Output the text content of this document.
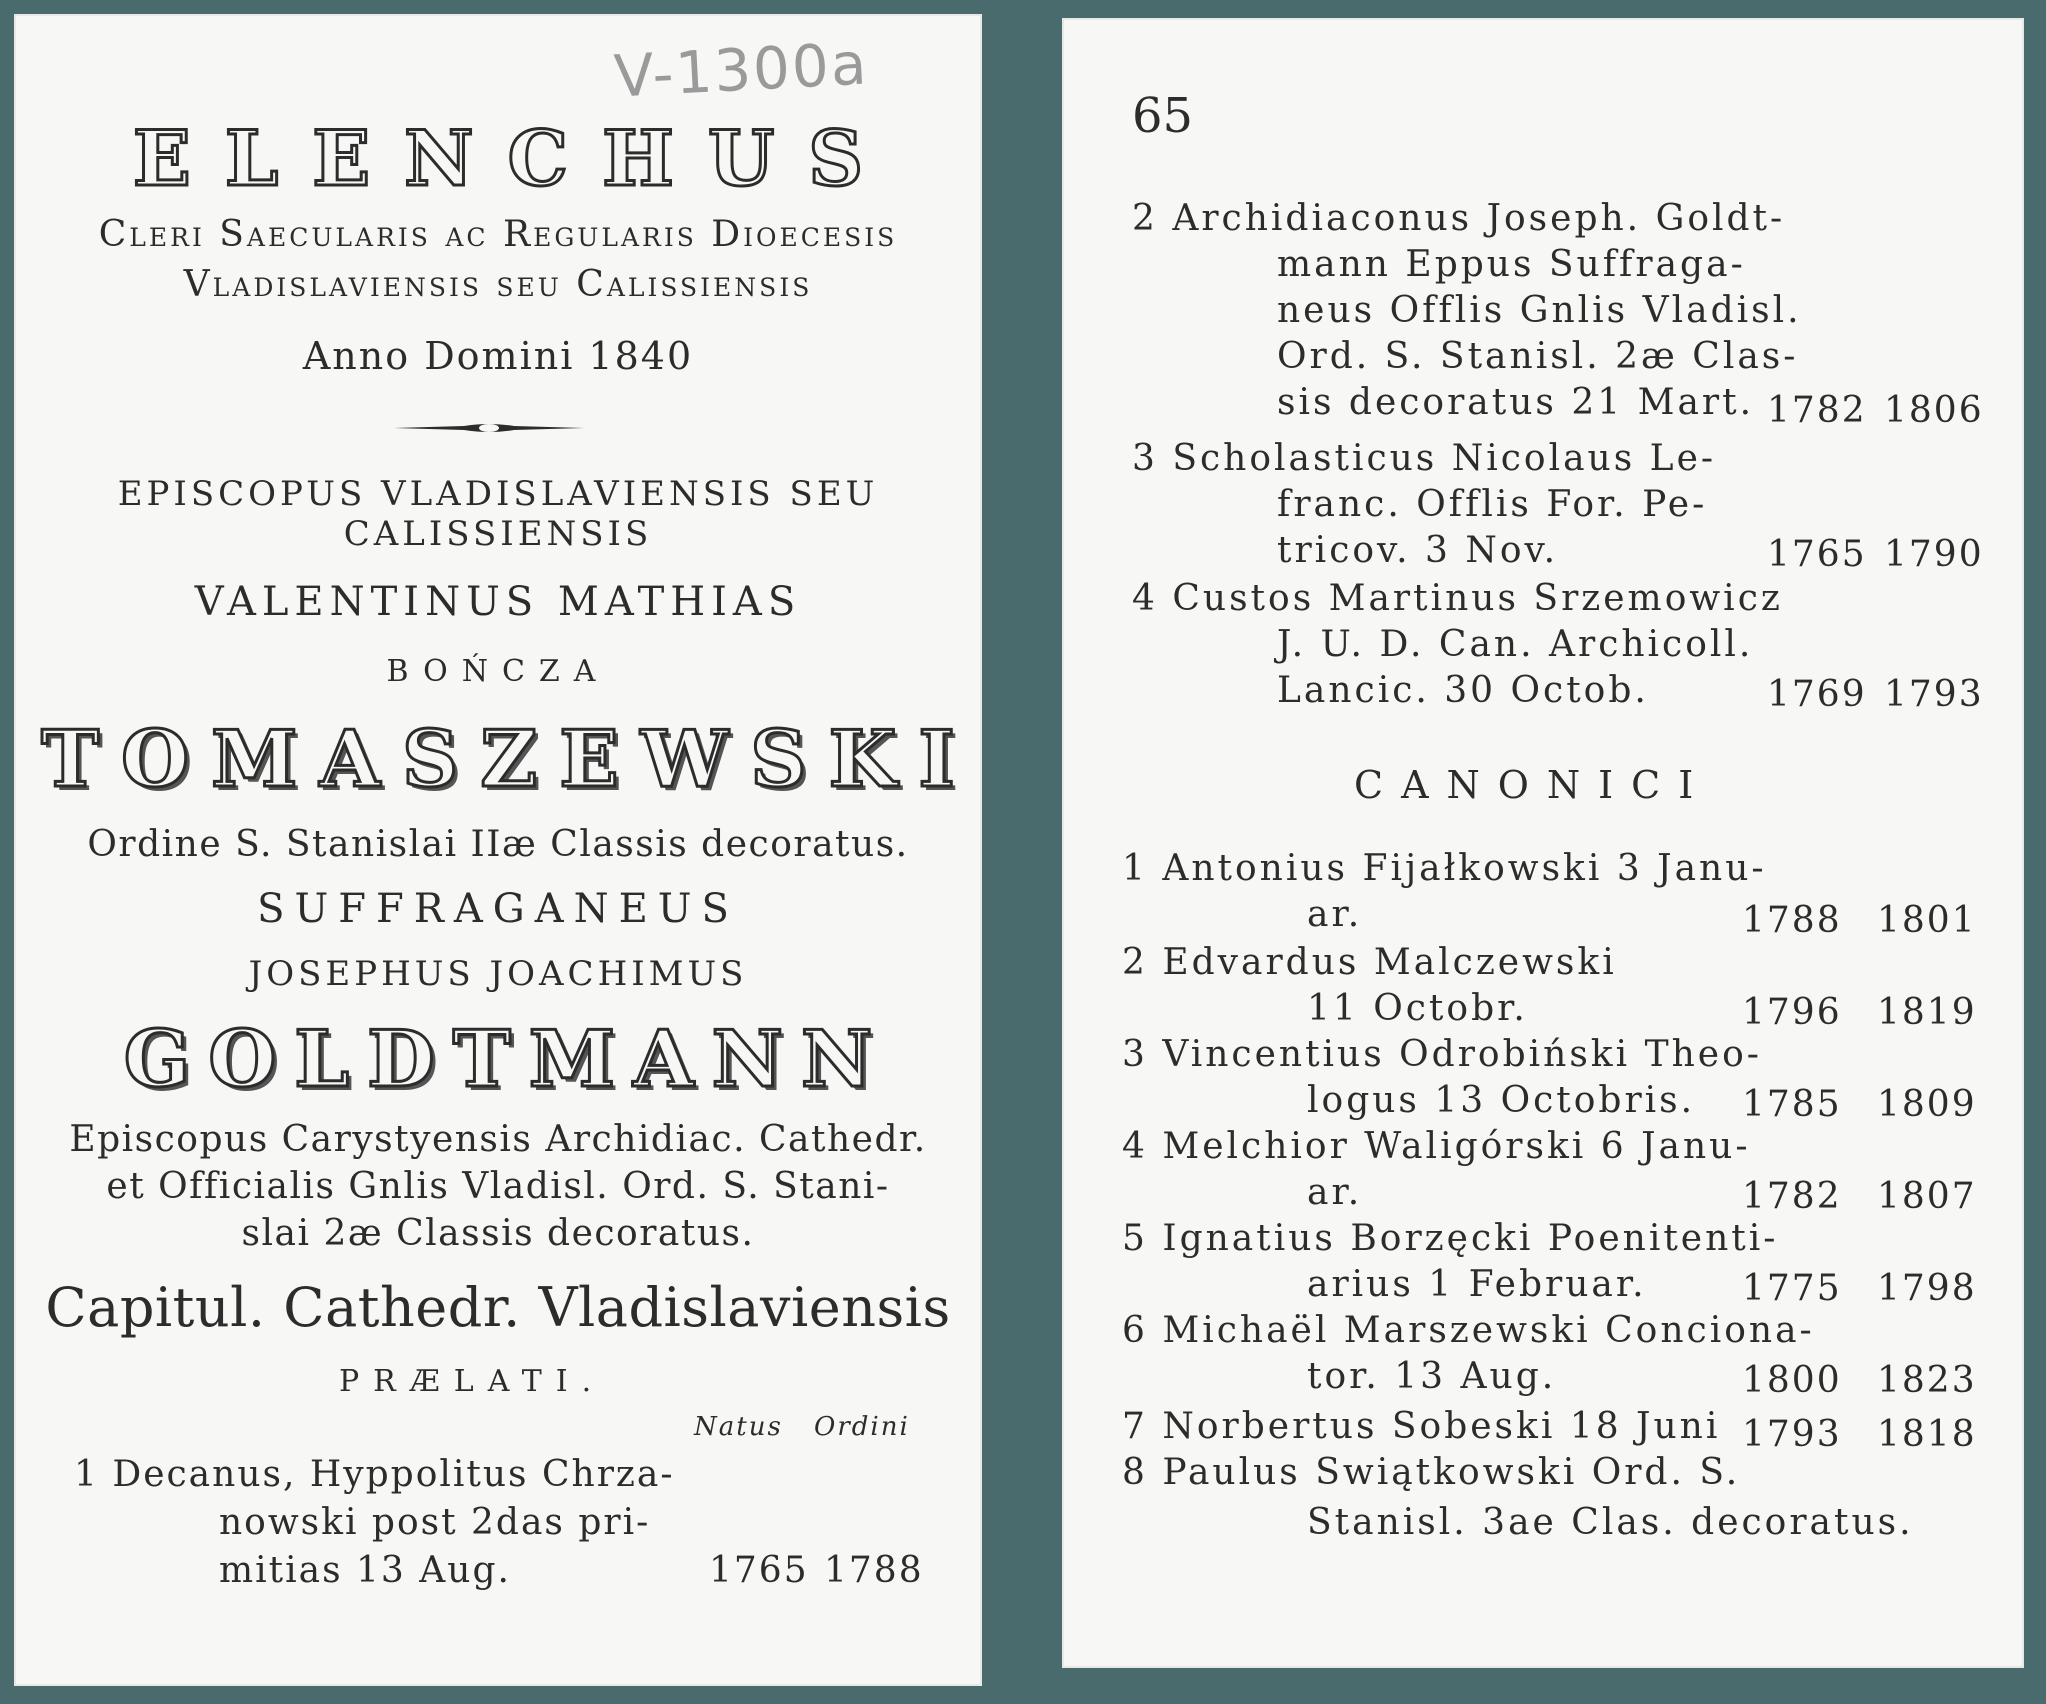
V-1300a
ELENCHUS
Cleri Saecularis ac Regularis Dioecesis
Vladislaviensis seu Calissiensis
Anno Domini 1840
EPISCOPUS VLADISLAVIENSIS SEU
CALISSIENSIS
VALENTINUS MATHIAS
BOŃCZA
TOMASZEWSKI
Ordine S. Stanislai IIæ Classis decoratus.
SUFFRAGANEUS
JOSEPHUS JOACHIMUS
GOLDTMANN
Episcopus Carystyensis Archidiac. Cathedr.
et Officialis Gnlis Vladisl. Ord. S. Stani-
slai 2æ Classis decoratus.
Capitul. Cathedr. Vladislaviensis
PRÆLATI.
Natus Ordini
1 Decanus, Hyppolitus Chrza-
nowski post 2das pri-
mitias 13 Aug.	1765 1788
65
2 Archidiaconus Joseph. Goldt-
mann Eppus Suffraga-
neus Offlis Gnlis Vladisl.
Ord. S. Stanisl. 2æ Clas-
sis decoratus 21 Mart. 1782 1806
3 Scholasticus Nicolaus Le-
franc. Offlis For. Pe-
tricov. 3 Nov.	1765 1790
4 Custos Martinus Srzemowicz
J. U. D. Can. Archicoll.
Lancic. 30 Octob.	1769 1793
CANONICI
1 Antonius Fijałkowski 3 Janu-
ar.	1788 1801
2 Edvardus Malczewski
11 Octobr.	1796 1819
3 Vincentius Odrobiński Theo-
logus 13 Octobris. 1785 1809
4 Melchior Waligórski 6 Janu-
ar.	1782 1807
5 Ignatius Borzęcki Poenitenti-
arius 1 Februar.	1775 1798
6 Michaël Marszewski Conciona-
tor. 13 Aug.	1800 1823
7 Norbertus Sobeski 18 Juni 1793 1818
8 Paulus Swiątkowski Ord. S.
Stanisl. 3ae Clas. decoratus.
